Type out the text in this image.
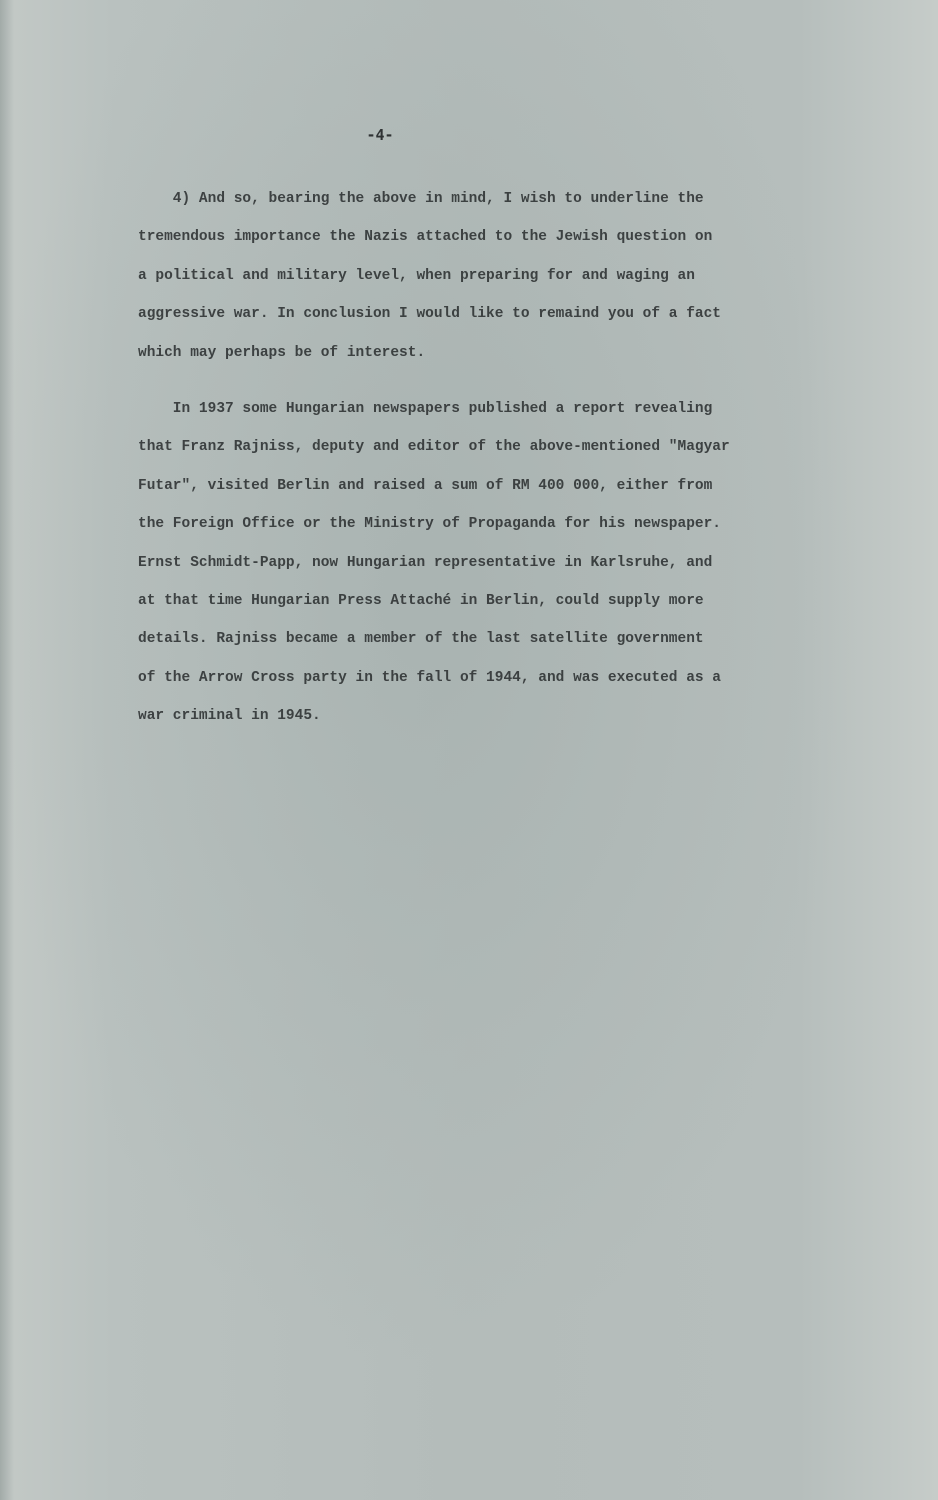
-4-
4) And so, bearing the above in mind, I wish to underline the
tremendous importance the Nazis attached to the Jewish question on
a political and military level, when preparing for and waging an
aggressive war. In conclusion I would like to remaind you of a fact
which may perhaps be of interest.
In 1937 some Hungarian newspapers published a report revealing
that Franz Rajniss, deputy and editor of the above-mentioned "Magyar
Futar", visited Berlin and raised a sum of RM 400 000, either from
the Foreign Office or the Ministry of Propaganda for his newspaper.
Ernst Schmidt-Papp, now Hungarian representative in Karlsruhe, and
at that time Hungarian Press Attaché in Berlin, could supply more
details. Rajniss became a member of the last satellite government
of the Arrow Cross party in the fall of 1944, and was executed as a
war criminal in 1945.
